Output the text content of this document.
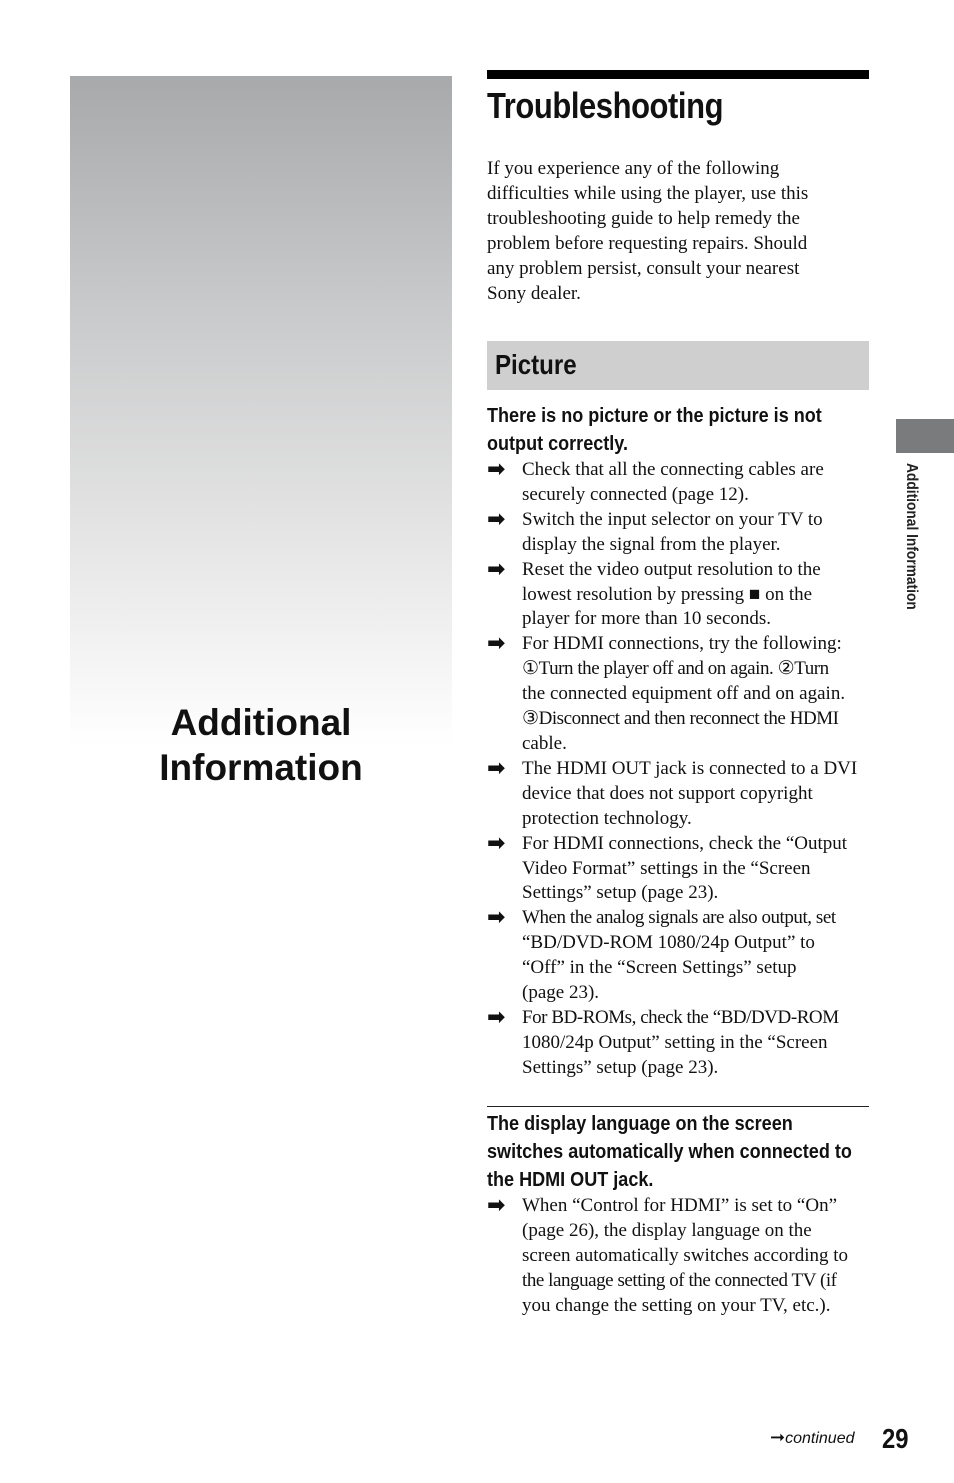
Additional
Information
Troubleshooting
If you experience any of the following
difficulties while using the player, use this
troubleshooting guide to help remedy the
problem before requesting repairs. Should
any problem persist, consult your nearest
Sony dealer.
Picture
There is no picture or the picture is not
output correctly.
➡ Check that all the connecting cables are
securely connected (page 12).
➡ Switch the input selector on your TV to
display the signal from the player.
➡ Reset the video output resolution to the
lowest resolution by pressing ■ on the
player for more than 10 seconds.
➡ For HDMI connections, try the following:
①Turn the player off and on again. ②Turn
the connected equipment off and on again.
③Disconnect and then reconnect the HDMI
cable.
➡ The HDMI OUT jack is connected to a DVI
device that does not support copyright
protection technology.
➡ For HDMI connections, check the “Output
Video Format” settings in the “Screen
Settings” setup (page 23).
➡ When the analog signals are also output, set
“BD/DVD-ROM 1080/24p Output” to
“Off” in the “Screen Settings” setup
(page 23).
➡ For BD-ROMs, check the “BD/DVD-ROM
1080/24p Output” setting in the “Screen
Settings” setup (page 23).
The display language on the screen
switches automatically when connected to
the HDMI OUT jack.
➡ When “Control for HDMI” is set to “On”
(page 26), the display language on the
screen automatically switches according to
the language setting of the connected TV (if
you change the setting on your TV, etc.).
Additional Information
➞continued 29
